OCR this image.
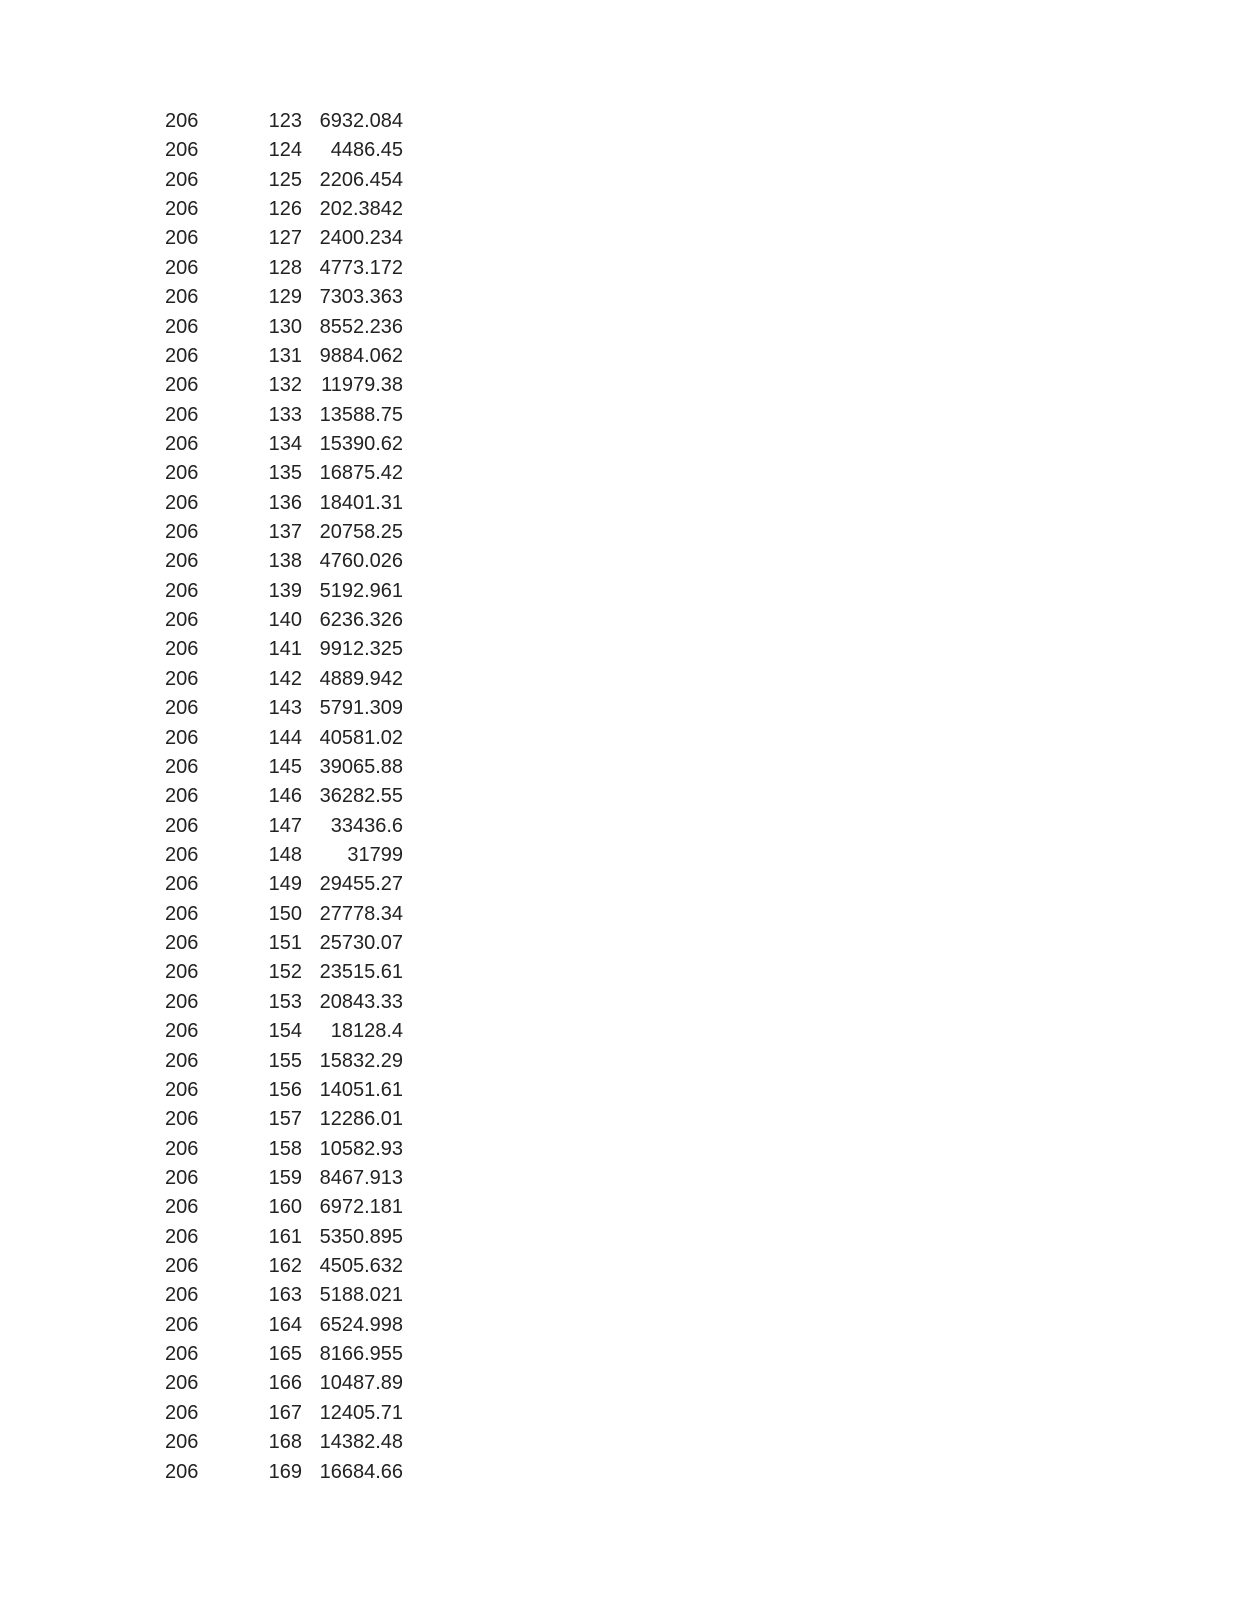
206	123 6932.084
206	124	4486.45
206	125 2206.454
206	126 202.3842
206	127 2400.234
206	128 4773.172
206	129 7303.363
206	130 8552.236
206	131 9884.062
206	132 11979.38
206	133 13588.75
206	134 15390.62
206	135 16875.42
206	136 18401.31
206	137 20758.25
206	138 4760.026
206	139 5192.961
206	140 6236.326
206	141 9912.325
206	142 4889.942
206	143 5791.309
206	144 40581.02
206	145 39065.88
206	146 36282.55
206	147	33436.6
206	148	31799
206	149 29455.27
206	150 27778.34
206	151 25730.07
206	152 23515.61
206	153 20843.33
206	154	18128.4
206	155 15832.29
206	156 14051.61
206	157 12286.01
206	158 10582.93
206	159 8467.913
206	160 6972.181
206	161 5350.895
206	162 4505.632
206	163 5188.021
206	164 6524.998
206	165 8166.955
206	166 10487.89
206	167 12405.71
206	168 14382.48
206	169 16684.66
